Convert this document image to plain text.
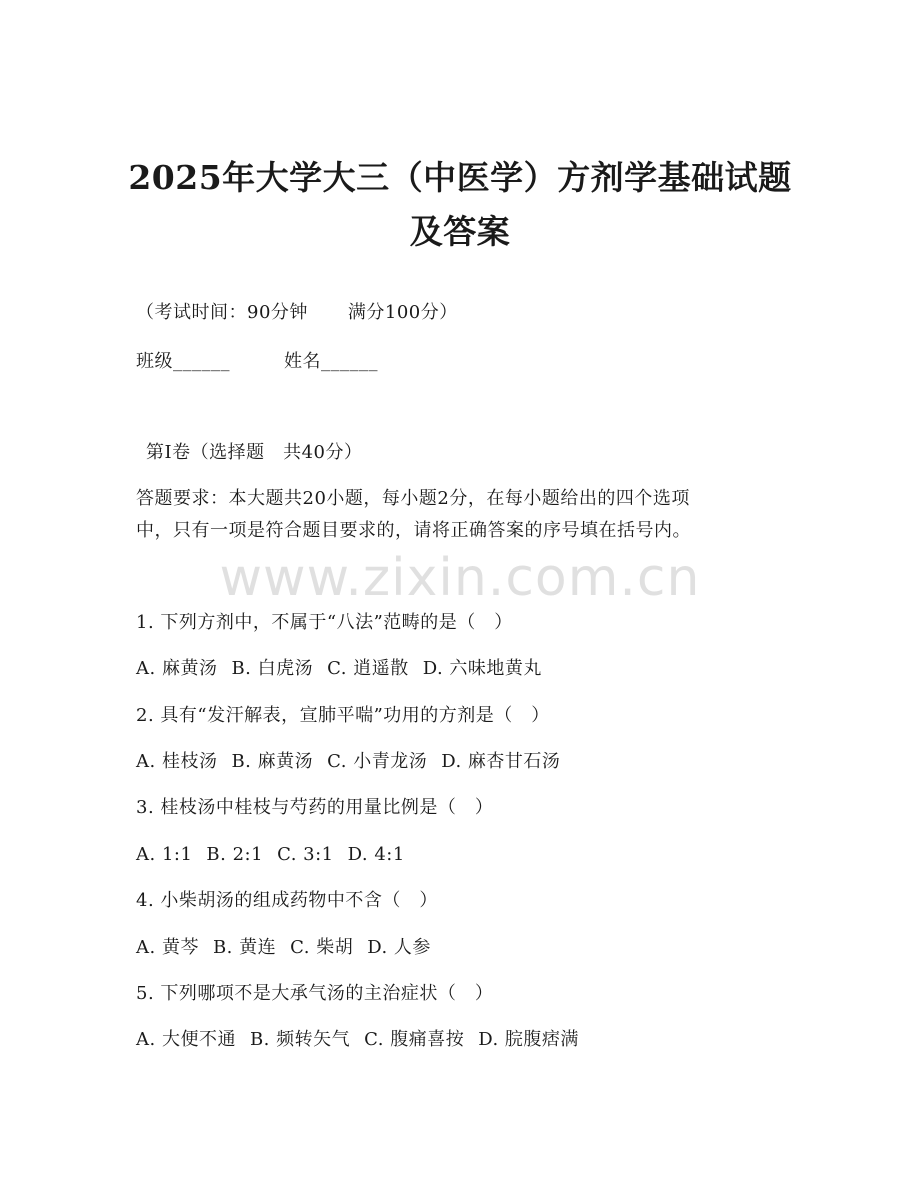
2025年大学大三（中医学）方剂学基础试题
及答案
（考试时间：90分钟 满分100分）
班级______	姓名______
第I卷（选择题　共40分）
答题要求：本大题共20小题，每小题2分，在每小题给出的四个选项
中，只有一项是符合题目要求的，请将正确答案的序号填在括号内。
www.zixin.com.cn
1. 下列方剂中，不属于“八法”范畴的是（　）
A. 麻黄汤 B. 白虎汤 C. 逍遥散 D. 六味地黄丸
2. 具有“发汗解表，宣肺平喘”功用的方剂是（　）
A. 桂枝汤 B. 麻黄汤 C. 小青龙汤 D. 麻杏甘石汤
3. 桂枝汤中桂枝与芍药的用量比例是（　）
A. 1:1 B. 2:1 C. 3:1 D. 4:1
4. 小柴胡汤的组成药物中不含（　）
A. 黄芩 B. 黄连 C. 柴胡 D. 人参
5. 下列哪项不是大承气汤的主治症状（　）
A. 大便不通 B. 频转矢气 C. 腹痛喜按 D. 脘腹痞满
